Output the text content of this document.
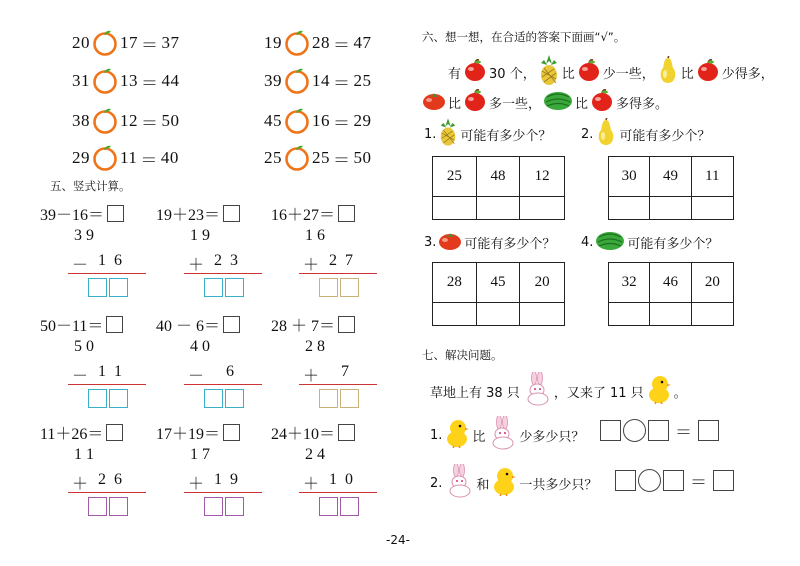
20 17 ＝ 37	19 28 ＝ 47
31 13 ＝ 44	39 14 ＝ 25
38 12 ＝ 50	45 16 ＝ 29
29 11 ＝ 40	25 25 ＝ 50
五、竖式计算。
39－16＝
3 9
－ 1  6
19＋23＝
1 9
＋ 2  3
16＋27＝
1 6
＋ 2  7
50－11＝
5 0
－ 1  1
40 － 6＝
4 0
－ 6
28 ＋ 7＝
2 8
＋ 7
11＋26＝
1 1
＋ 2  6
17＋19＝
1 7
＋ 1  9
24＋10＝
2 4
＋ 1  0
六、想一想，在合适的答案下面画“√”。
有 30 个， 比 少一些， 比 少得多，
比 多一些，	比 多得多。
1. 可能有多少个？
25	48	12
2. 可能有多少个？
30	49	11
3. 可能有多少个？
28	45	20
4.	可能有多少个？
32	46	20
七、解决问题。
草地上有 38 只	，又来了 11 只 。
1. 比	少多少只？	＝
2.	和 一共多少只？	＝
-24-
